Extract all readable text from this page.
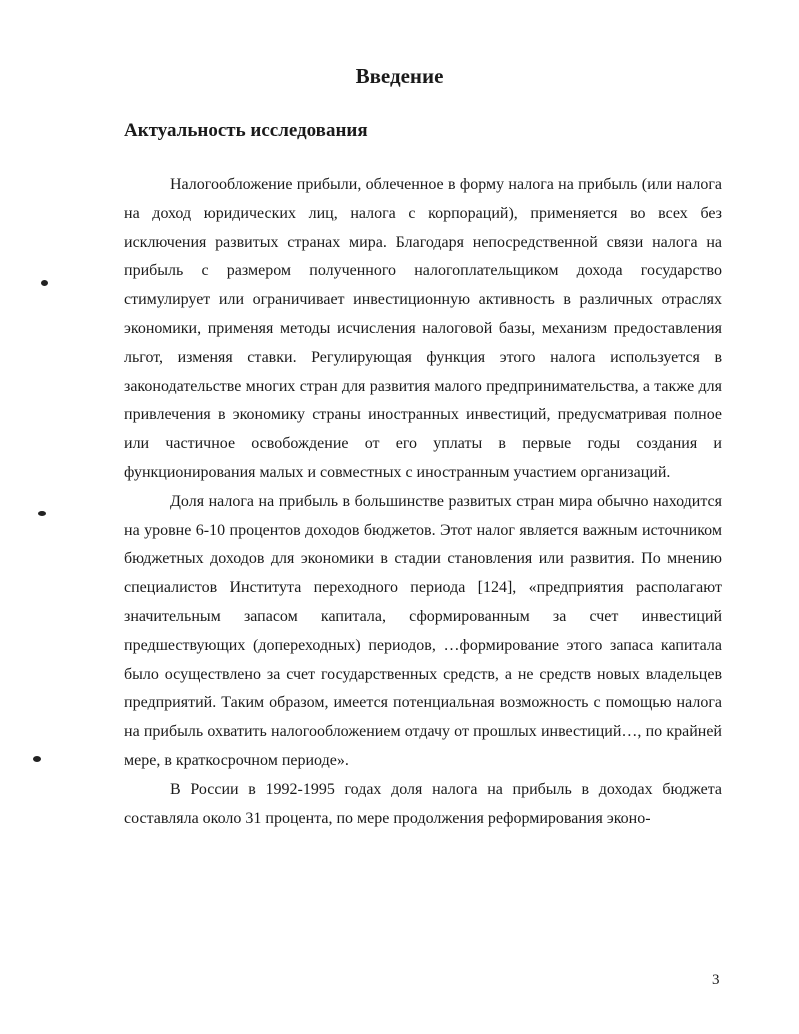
Введение
Актуальность исследования

Налогообложение прибыли, облеченное в форму налога на прибыль (или налога на доход юридических лиц, налога с корпораций), применяется во всех без исключения развитых странах мира. Благодаря непосредственной связи налога на прибыль с размером полученного налогоплательщиком дохода государство стимулирует или ограничивает инвестиционную активность в различных отраслях экономики, применяя методы исчисления налоговой базы, механизм предоставления льгот, изменяя ставки. Регулирующая функция этого налога используется в законодательстве многих стран для развития малого предпринимательства, а также для привлечения в экономику страны иностранных инвестиций, предусматривая полное или частичное освобождение от его уплаты в первые годы создания и функционирования малых и совместных с иностранным участием организаций.

Доля налога на прибыль в большинстве развитых стран мира обычно находится на уровне 6-10 процентов доходов бюджетов. Этот налог является важным источником бюджетных доходов для экономики в стадии становления или развития. По мнению специалистов Института переходного периода [124], «предприятия располагают значительным запасом капитала, сформированным за счет инвестиций предшествующих (допереходных) периодов, …формирование этого запаса капитала было осуществлено за счет государственных средств, а не средств новых владельцев предприятий. Таким образом, имеется потенциальная возможность с помощью налога на прибыль охватить налогообложением отдачу от прошлых инвестиций…, по крайней мере, в краткосрочном периоде».

В России в 1992-1995 годах доля налога на прибыль в доходах бюджета составляла около 31 процента, по мере продолжения реформирования эконо-

3
